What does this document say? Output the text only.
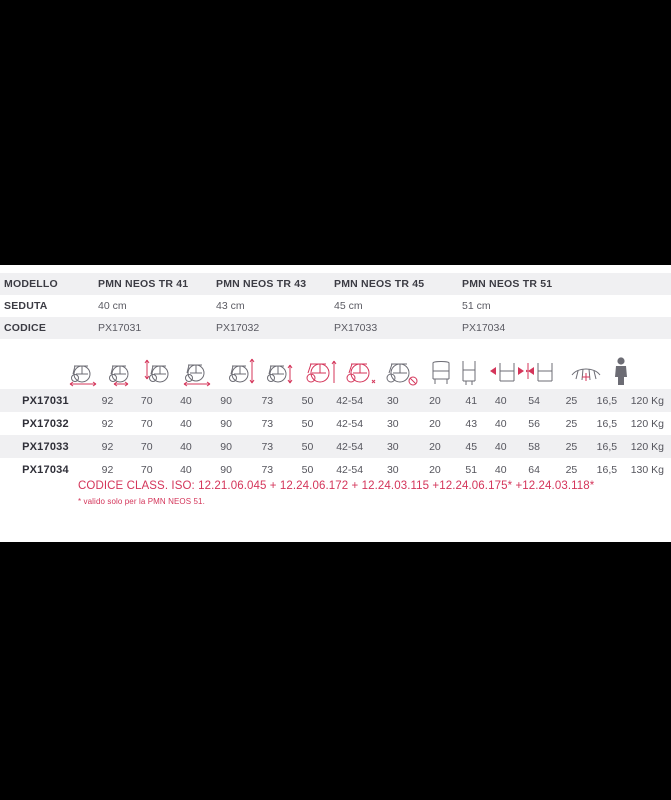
MODELLO	PMN NEOS TR 41	PMN NEOS TR 43	PMN NEOS TR 45	PMN NEOS TR 51	
SEDUTA	40 cm	43 cm	45 cm	51 cm	
CODICE	PX17031	PX17032	PX17033	PX17034	
PX17031	92	70	40	90	73	50	42-54	30	20	41	40	54	25	16,5	120 Kg
PX17032	92	70	40	90	73	50	42-54	30	20	43	40	56	25	16,5	120 Kg
PX17033	92	70	40	90	73	50	42-54	30	20	45	40	58	25	16,5	120 Kg
PX17034	92	70	40	90	73	50	42-54	30	20	51	40	64	25	16,5	130 Kg
CODICE CLASS. ISO: 12.21.06.045 + 12.24.06.172 + 12.24.03.115 +12.24.06.175* +12.24.03.118*
* valido solo per la PMN NEOS 51.
